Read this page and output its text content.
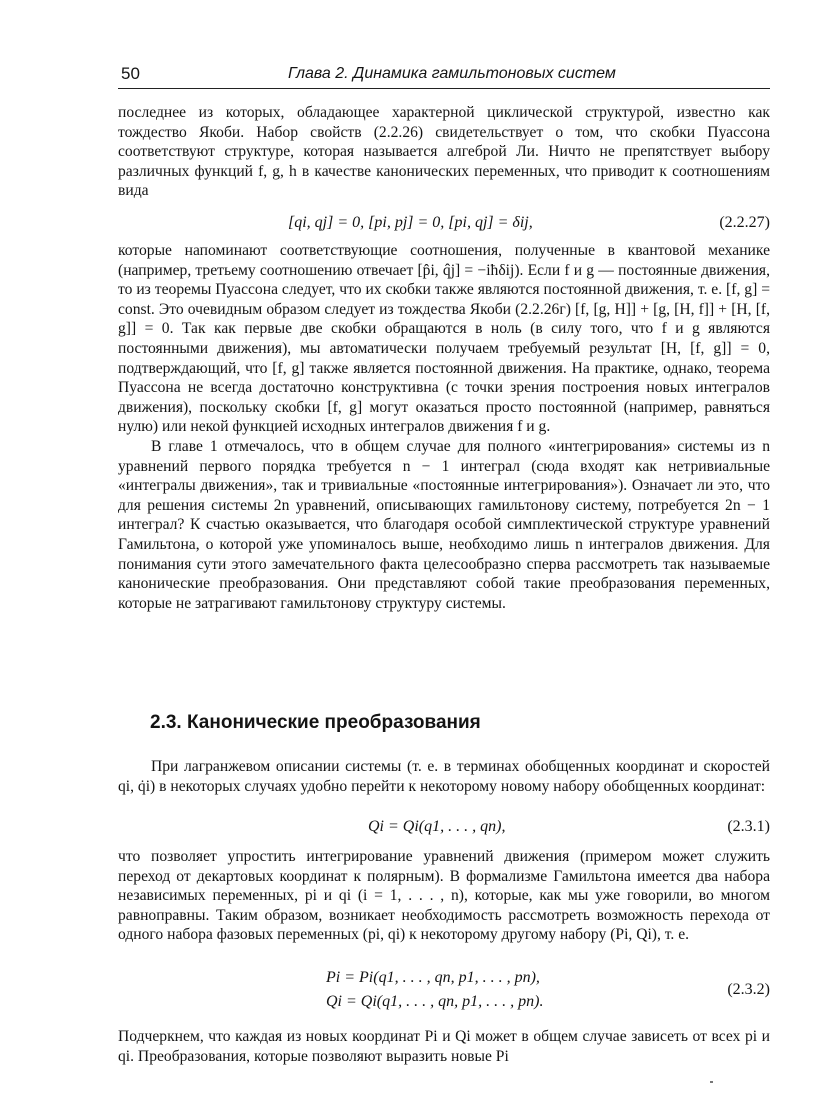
50	Глава 2. Динамика гамильтоновых систем

последнее из которых, обладающее характерной циклической структурой, известно как тождество Якоби. Набор свойств (2.2.26) свидетельствует о том, что скобки Пуассона соответствуют структуре, которая называется алгеброй Ли. Ничто не препятствует выбору различных функций f, g, h в качестве канонических переменных, что приводит к соотношениям вида

[qi, qj] = 0, [pi, pj] = 0, [pi, qj] = δij,	(2.2.27)

которые напоминают соответствующие соотношения, полученные в квантовой механике (например, третьему соотношению отвечает [p̂i, q̂j] = −iħδij). Если f и g — постоянные движения, то из теоремы Пуассона следует, что их скобки также являются постоянной движения, т. е. [f, g] = const. Это очевидным образом следует из тождества Якоби (2.2.26г) [f, [g, H]] + [g, [H, f]] + [H, [f, g]] = 0. Так как первые две скобки обращаются в ноль (в силу того, что f и g являются постоянными движения), мы автоматически получаем требуемый результат [H, [f, g]] = 0, подтверждающий, что [f, g] также является постоянной движения. На практике, однако, теорема Пуассона не всегда достаточно конструктивна (с точки зрения построения новых интегралов движения), поскольку скобки [f, g] могут оказаться просто постоянной (например, равняться нулю) или некой функцией исходных интегралов движения f и g.

В главе 1 отмечалось, что в общем случае для полного «интегрирования» системы из n уравнений первого порядка требуется n − 1 интеграл (сюда входят как нетривиальные «интегралы движения», так и тривиальные «постоянные интегрирования»). Означает ли это, что для решения системы 2n уравнений, описывающих гамильтонову систему, потребуется 2n − 1 интеграл? К счастью оказывается, что благодаря особой симплектической структуре уравнений Гамильтона, о которой уже упоминалось выше, необходимо лишь n интегралов движения. Для понимания сути этого замечательного факта целесообразно сперва рассмотреть так называемые канонические преобразования. Они представляют собой такие преобразования переменных, которые не затрагивают гамильтонову структуру системы.

2.3. Канонические преобразования

При лагранжевом описании системы (т. е. в терминах обобщенных координат и скоростей qi, q̇i) в некоторых случаях удобно перейти к некоторому новому набору обобщенных координат:

Qi = Qi(q1, . . . , qn),	(2.3.1)

что позволяет упростить интегрирование уравнений движения (примером может служить переход от декартовых координат к полярным). В формализме Гамильтона имеется два набора независимых переменных, pi и qi (i = 1, . . . , n), которые, как мы уже говорили, во многом равноправны. Таким образом, возникает необходимость рассмотреть возможность перехода от одного набора фазовых переменных (pi, qi) к некоторому другому набору (Pi, Qi), т. е.

Pi = Pi(q1, . . . , qn, p1, . . . , pn),
Qi = Qi(q1, . . . , qn, p1, . . . , pn).
(2.3.2)

Подчеркнем, что каждая из новых координат Pi и Qi может в общем случае зависеть от всех pi и qi. Преобразования, которые позволяют выразить новые Pi
